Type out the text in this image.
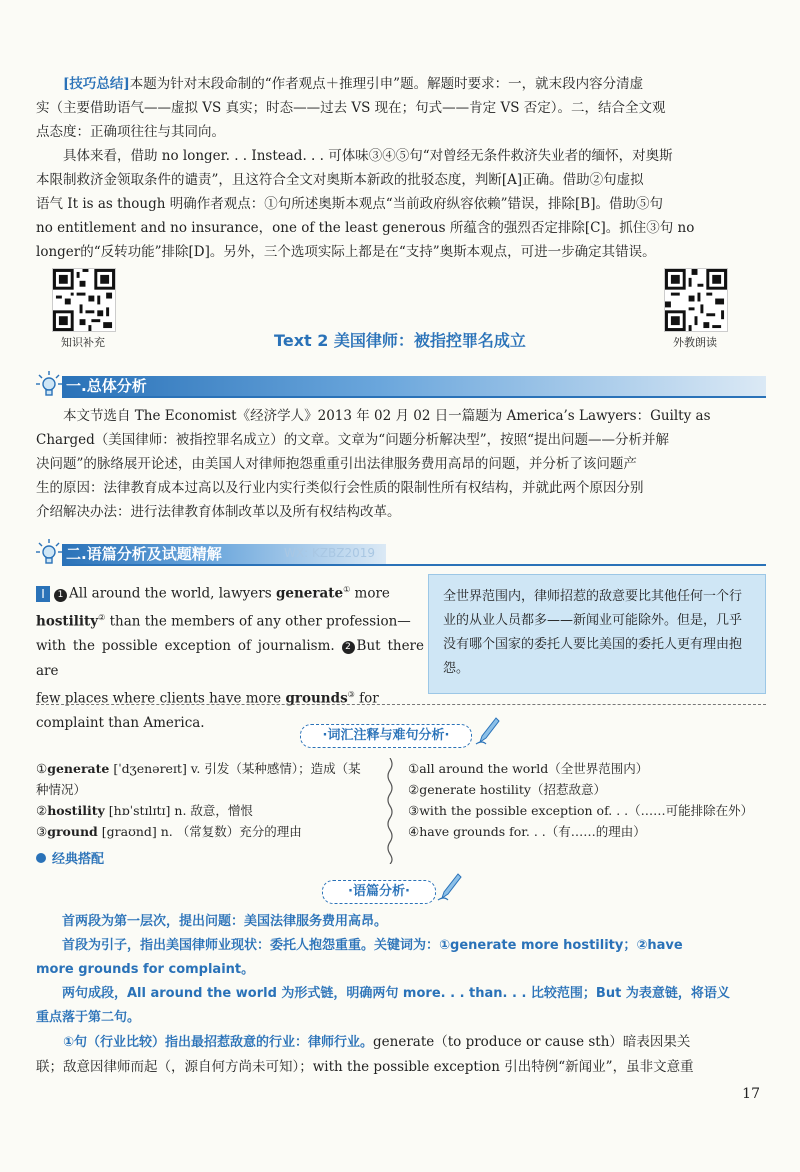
[技巧总结]本题为针对末段命制的“作者观点＋推理引申”题。解题时要求：一，就末段内容分清虚

实（主要借助语气——虚拟 VS 真实；时态——过去 VS 现在；句式——肯定 VS 否定）。二，结合全文观

点态度：正确项往往与其同向。

具体来看，借助 no longer. . . Instead. . . 可体味③④⑤句“对曾经无条件救济失业者的缅怀，对奥斯

本限制救济金领取条件的谴责”，且这符合全文对奥斯本新政的批驳态度，判断[A]正确。借助②句虚拟

语气 It is as though 明确作者观点：①句所述奥斯本观点“当前政府纵容依赖”错误，排除[B]。借助⑤句

no entitlement and no insurance，one of the least generous 所蕴含的强烈否定排除[C]。抓住③句 no

longer的“反转功能”排除[D]。另外，三个选项实际上都是在“支持”奥斯本观点，可进一步确定其错误。

知识补充	外教朗读
Text 2 美国律师：被指控罪名成立
一.总体分析

本文节选自 The Economist《经济学人》2013 年 02 月 02 日一篇题为 America’s Lawyers：Guilty as

Charged（美国律师：被指控罪名成立）的文章。文章为“问题分析解决型”，按照“提出问题——分析并解

决问题”的脉络展开论述，由美国人对律师抱怨重重引出法律服务费用高昂的问题，并分析了该问题产

生的原因：法律教育成本过高以及行业内实行类似行会性质的限制性所有权结构，并就此两个原因分别

介绍解决办法：进行法律教育体制改革以及所有权结构改革。

二.语篇分析及试题精解	WX: KZBZ2019
I 1 All around the world, lawyers generate① more
hostility② than the members of any other profession—
with the possible exception of journalism. 2 But there are
few places where clients have more grounds③ for
complaint than America.
全世界范围内，律师招惹的敌意要比其他任何一个行业的从业人员都多——新闻业可能除外。但是，几乎没有哪个国家的委托人要比美国的委托人更有理由抱怨。
·词汇注释与难句分析·
①generate [ˈdʒenəreɪt] v. 引发（某种感情）；造成（某
种情况）
②hostility [hɒˈstɪlɪtɪ] n. 敌意，憎恨
③ground [graʊnd] n. （常复数）充分的理由
①all around the world（全世界范围内）
②generate hostility（招惹敌意）
③with the possible exception of. . .（……可能排除在外）
④have grounds for. . .（有……的理由）
经典搭配
·语篇分析·

首两段为第一层次，提出问题：美国法律服务费用高昂。

首段为引子，指出美国律师业现状：委托人抱怨重重。关键词为：①generate more hostility；②have

more grounds for complaint。

两句成段，All around the world 为形式链，明确两句 more. . . than. . . 比较范围；But 为表意链，将语义

重点落于第二句。

①句（行业比较）指出最招惹敌意的行业：律师行业。generate（to produce or cause sth）暗表因果关

联；敌意因律师而起（，源自何方尚未可知）；with the possible exception 引出特例“新闻业”，虽非文意重

17
